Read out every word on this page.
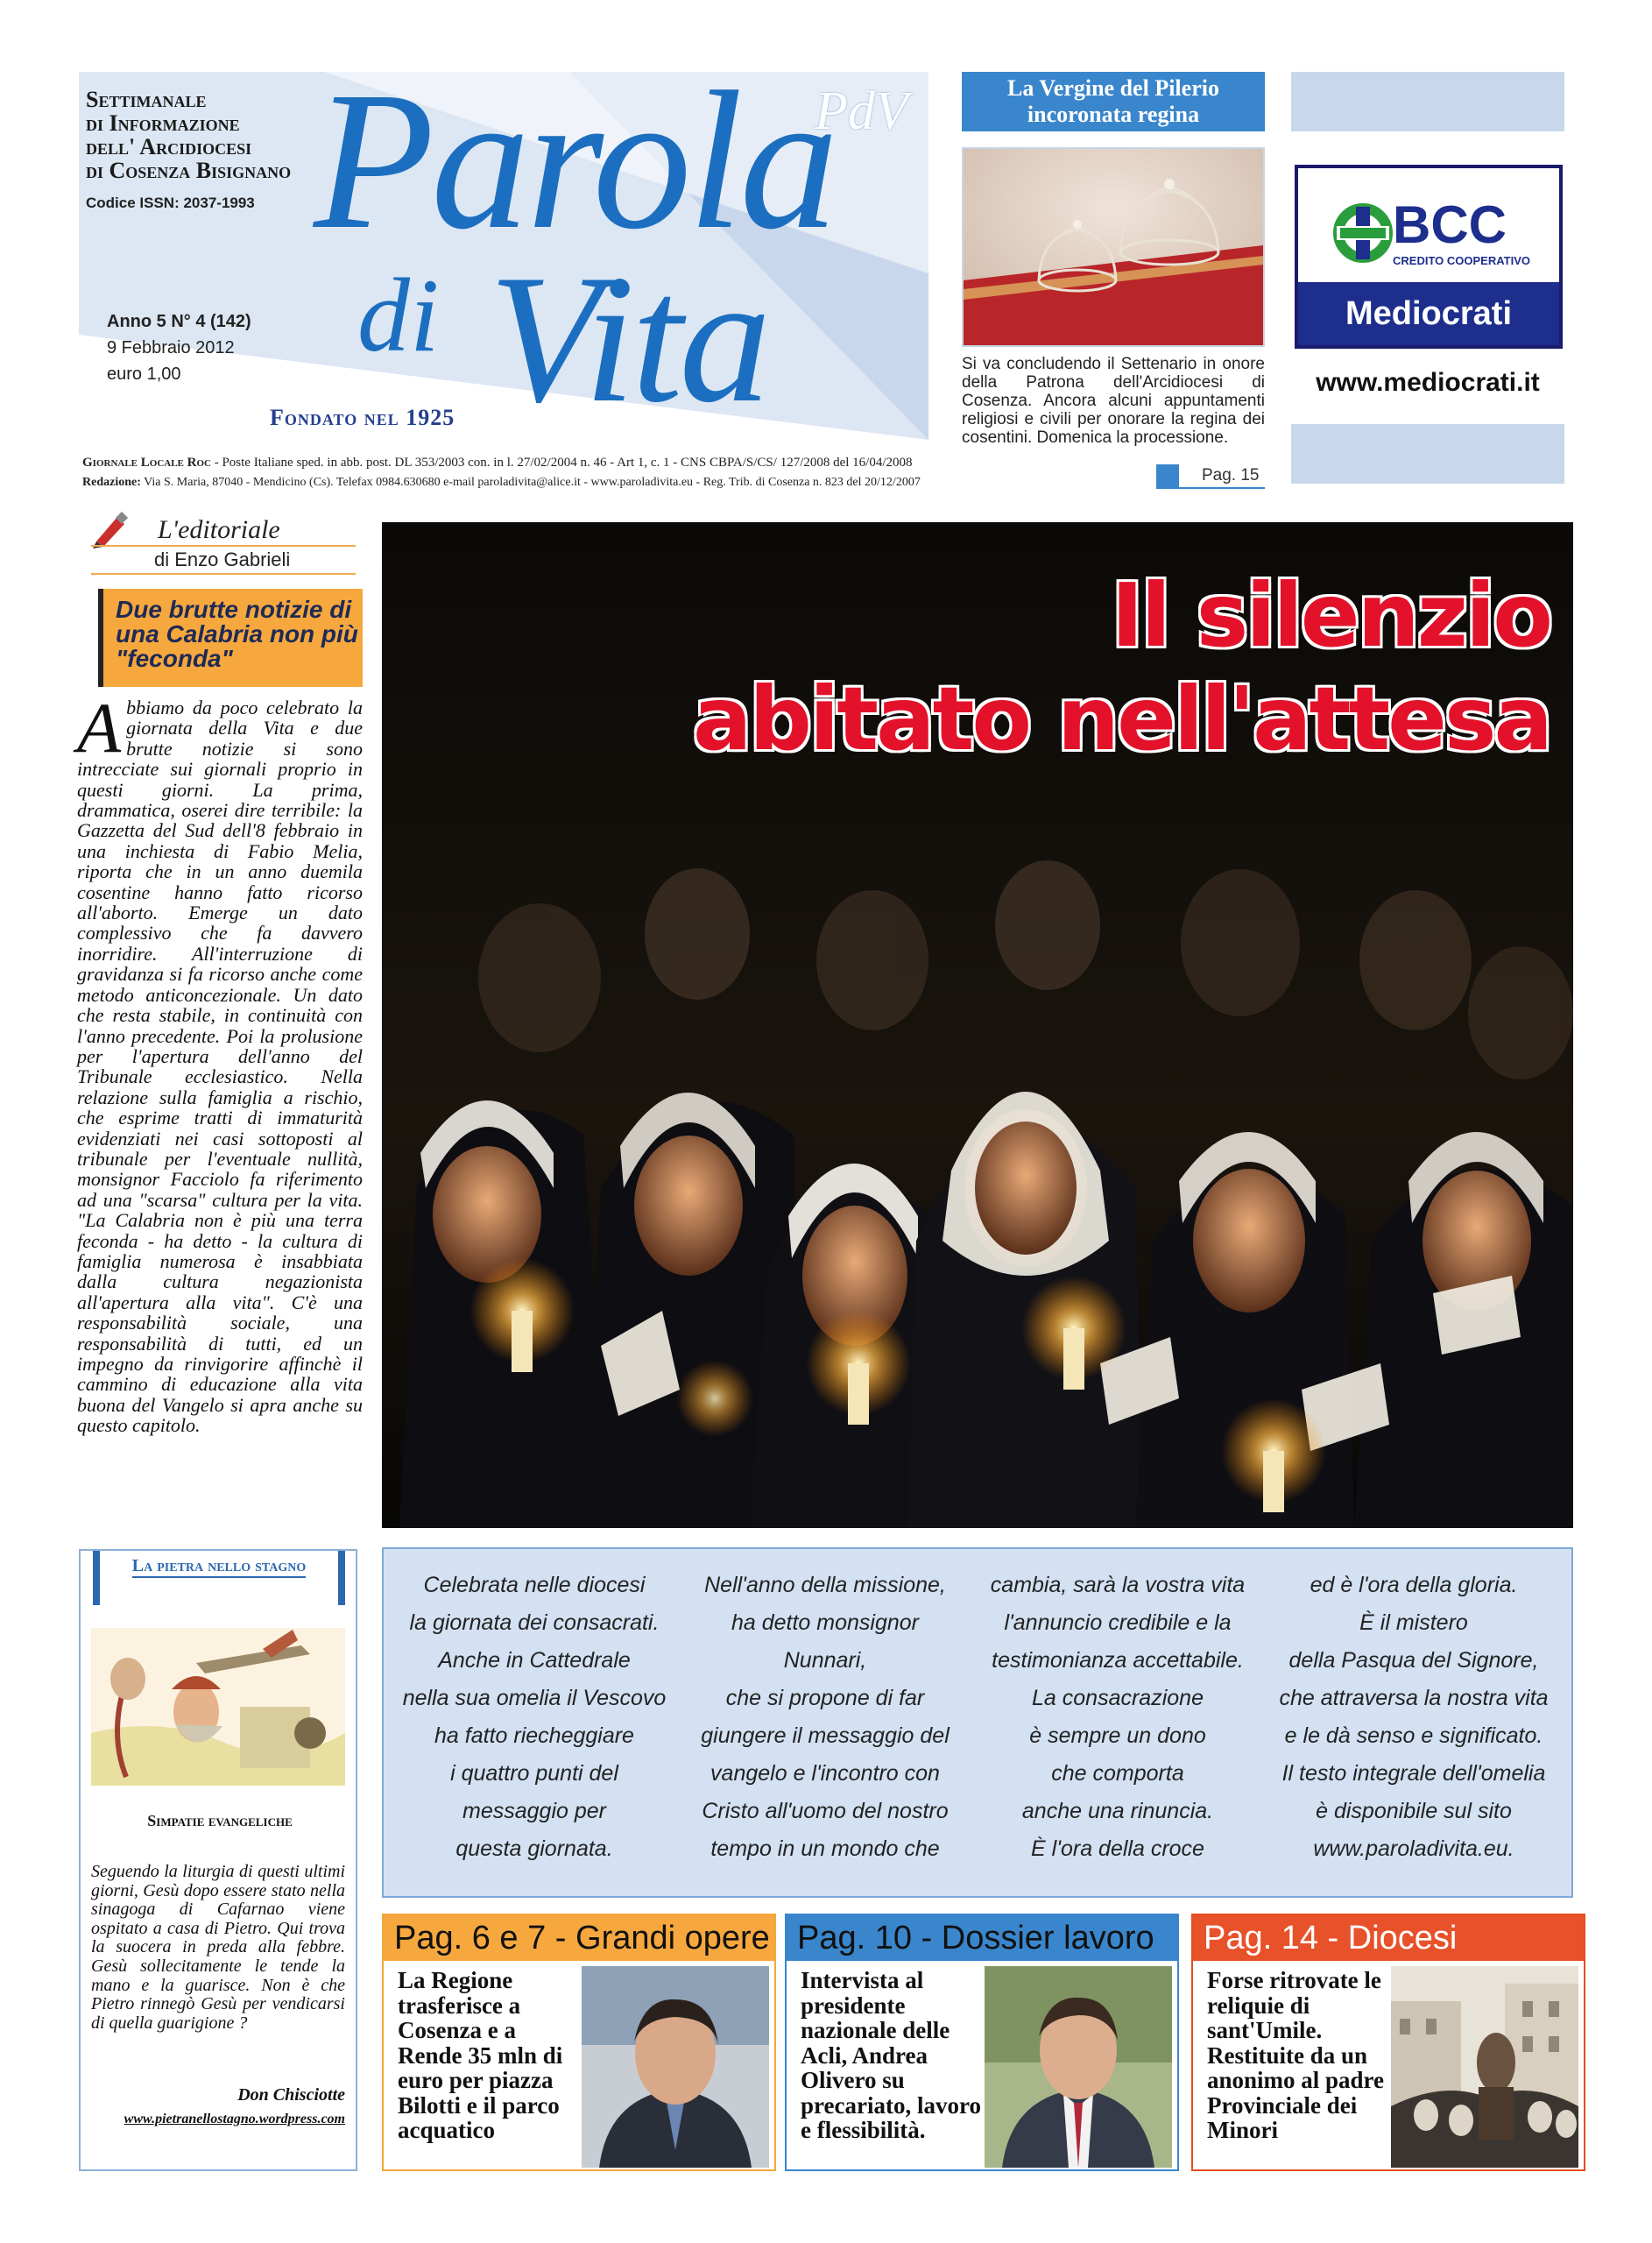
Settimanale
di Informazione
dell' Arcidiocesi
di Cosenza Bisignano
Codice ISSN: 2037-1993
Anno 5 N° 4 (142)
9 Febbraio 2012
euro 1,00
Parola
di Vita
PdV
Fondato nel 1925
Giornale Locale Roc - Poste Italiane sped. in abb. post. DL 353/2003 con. in l. 27/02/2004 n. 46 - Art 1, c. 1 - CNS CBPA/S/CS/ 127/2008 del 16/04/2008
Redazione: Via S. Maria, 87040 - Mendicino (Cs). Telefax 0984.630680 e-mail paroladivita@alice.it - www.paroladivita.eu - Reg. Trib. di Cosenza n. 823 del 20/12/2007
La Vergine del Pilerio incoronata regina
Si va concludendo il Settenario in onore della Patrona dell'Arcidiocesi di Cosenza. Ancora alcuni appuntamenti religiosi e civili per onorare la regina dei cosentini. Domenica la processione.
Pag. 15
BCC
CREDITO COOPERATIVO
Mediocrati
www.mediocrati.it
L'editoriale
di Enzo Gabrieli
Due brutte notizie di una Calabria non più "feconda"
Abbiamo da poco celebrato la giornata della Vita e due brutte notizie si sono intrecciate sui giornali proprio in questi giorni. La prima, drammatica, oserei dire terribile: la Gazzetta del Sud dell'8 febbraio in una inchiesta di Fabio Melia, riporta che in un anno duemila cosentine hanno fatto ricorso all'aborto. Emerge un dato complessivo che fa davvero inorridire. All'interruzione di gravidanza si fa ricorso anche come metodo anticoncezionale. Un dato che resta stabile, in continuità con l'anno precedente. Poi la prolusione per l'apertura dell'anno del Tribunale ecclesiastico. Nella relazione sulla famiglia a rischio, che esprime tratti di immaturità evidenziati nei casi sottoposti al tribunale per l'eventuale nullità, monsignor Facciolo fa riferimento ad una "scarsa" cultura per la vita. "La Calabria non è più una terra feconda - ha detto - la cultura di famiglia numerosa è insabbiata dalla cultura negazionista all'apertura alla vita". C'è una responsabilità sociale, una responsabilità di tutti, ed un impegno da rinvigorire affinchè il cammino di educazione alla vita buona del Vangelo si apra anche su questo capitolo.
Il silenzio
abitato nell'attesa
La pietra nello stagno
Simpatie evangeliche
Seguendo la liturgia di questi ultimi giorni, Gesù dopo essere stato nella sinagoga di Cafarnao viene ospitato a casa di Pietro. Qui trova la suocera in preda alla febbre. Gesù sollecitamente le tende la mano e la guarisce. Non è che Pietro rinnegò Gesù per vendicarsi di quella guarigione ?
Don Chisciotte
www.pietranellostagno.wordpress.com
Celebrata nelle diocesi
la giornata dei consacrati.
Anche in Cattedrale
nella sua omelia il Vescovo
ha fatto riecheggiare
i quattro punti del
messaggio per
questa giornata.
Nell'anno della missione,
ha detto monsignor
Nunnari,
che si propone di far
giungere il messaggio del
vangelo e l'incontro con
Cristo all'uomo del nostro
tempo in un mondo che
cambia, sarà la vostra vita
l'annuncio credibile e la
testimonianza accettabile.
La consacrazione
è sempre un dono
che comporta
anche una rinuncia.
È l'ora della croce
ed è l'ora della gloria.
È il mistero
della Pasqua del Signore,
che attraversa la nostra vita
e le dà senso e significato.
Il testo integrale dell'omelia
è disponibile sul sito
www.paroladivita.eu.
Pag. 6 e 7 - Grandi opere
La Regione trasferisce a Cosenza e a Rende 35 mln di euro per piazza Bilotti e il parco acquatico
Pag. 10 - Dossier lavoro
Intervista al presidente nazionale delle Acli, Andrea Olivero su precariato, lavoro e flessibilità.
Pag. 14 - Diocesi
Forse ritrovate le reliquie di sant'Umile. Restituite da un anonimo al padre Provinciale dei Minori
